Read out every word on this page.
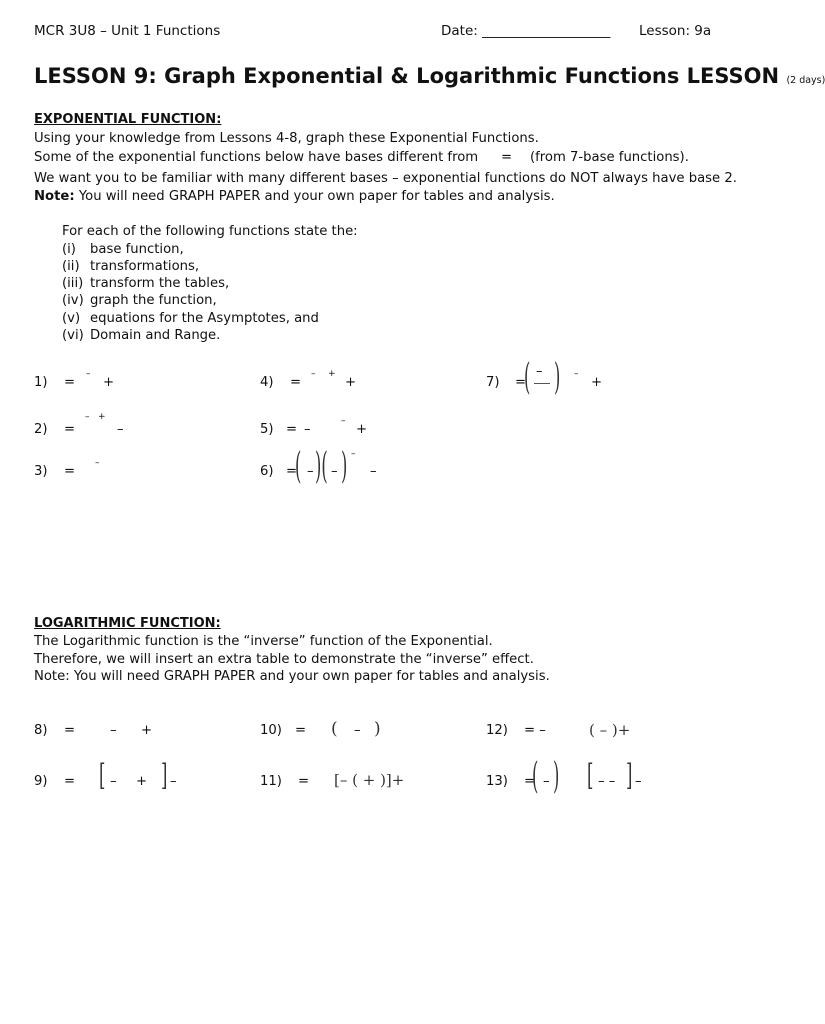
MCR 3U8 – Unit 1 Functions	Date: ___________________ Lesson: 9a
LESSON 9: Graph Exponential & Logarithmic Functions LESSON (2 days)
EXPONENTIAL FUNCTION:
Using your knowledge from Lessons 4-8, graph these Exponential Functions.
Some of the exponential functions below have bases different from = (from 7-base functions).
We want you to be familiar with many different bases – exponential functions do NOT always have base 2.
Note: You will need GRAPH PAPER and your own paper for tables and analysis.
For each of the following functions state the:
(i) base function,
(ii) transformations,
(iii) transform the tables,
(iv) graph the function,
(v) equations for the Asymptotes, and
(vi) Domain and Range.
1) =
–
+
2) =
– +
–
3) =
–
4) =
– +
+
5) = –
–
+
6) =
( – )( – ) –
–
7) =
( – ) –
+
LOGARITHMIC FUNCTION:
The Logarithmic function is the “inverse” function of the Exponential.
Therefore, we will insert an extra table to demonstrate the “inverse” effect.
Note: You will need GRAPH PAPER and your own paper for tables and analysis.
8) =	– +
9) = [ – + ] –
10) = ( – )
11) = [– ( + )]+
12) = –	( – )+
13) =
( – ) [ – – ] –
